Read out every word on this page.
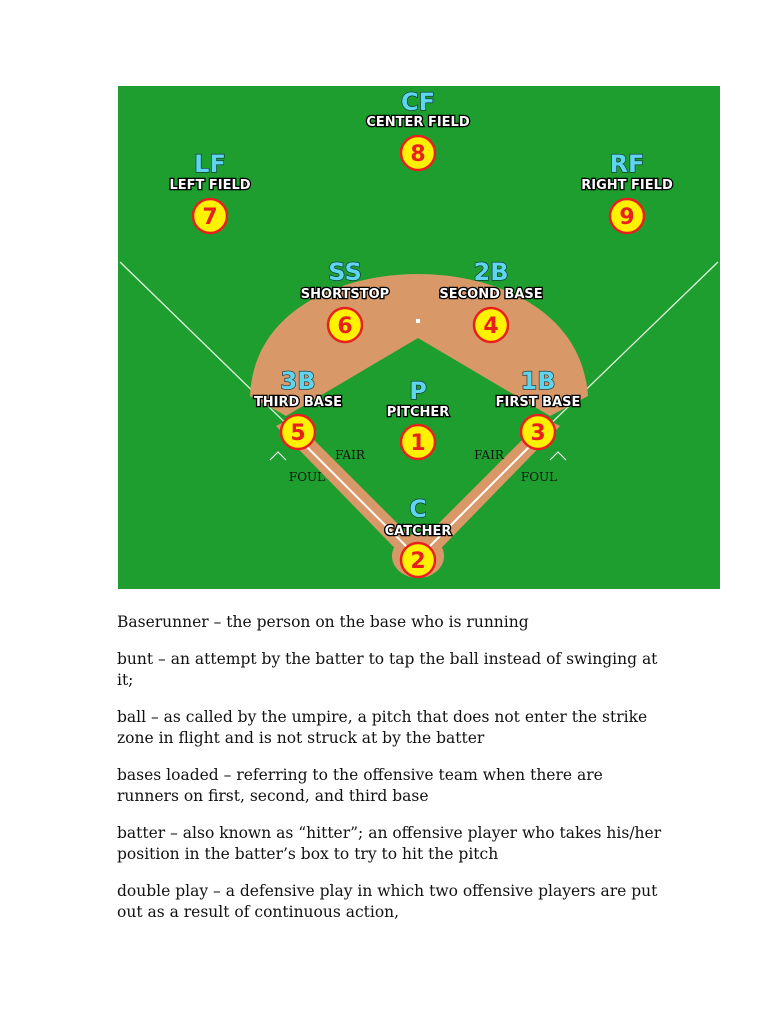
CF
CENTER FIELD
8
LF
LEFT FIELD
7
RF
RIGHT FIELD
9
SS
SHORTSTOP
6
2B
SECOND BASE
4
3B
THIRD BASE
5
P
PITCHER
1
1B
FIRST BASE
3
C
CATCHER
2
FAIR	FAIR
FOUL	FOUL

Baserunner – the person on the base who is running

bunt – an attempt by the batter to tap the ball instead of swinging at it;

ball – as called by the umpire, a pitch that does not enter the strike zone in flight and is not struck at by the batter

bases loaded – referring to the offensive team when there are runners on first, second, and third base

batter – also known as “hitter”; an offensive player who takes his/her position in the batter’s box to try to hit the pitch

double play – a defensive play in which two offensive players are put out as a result of continuous action,
